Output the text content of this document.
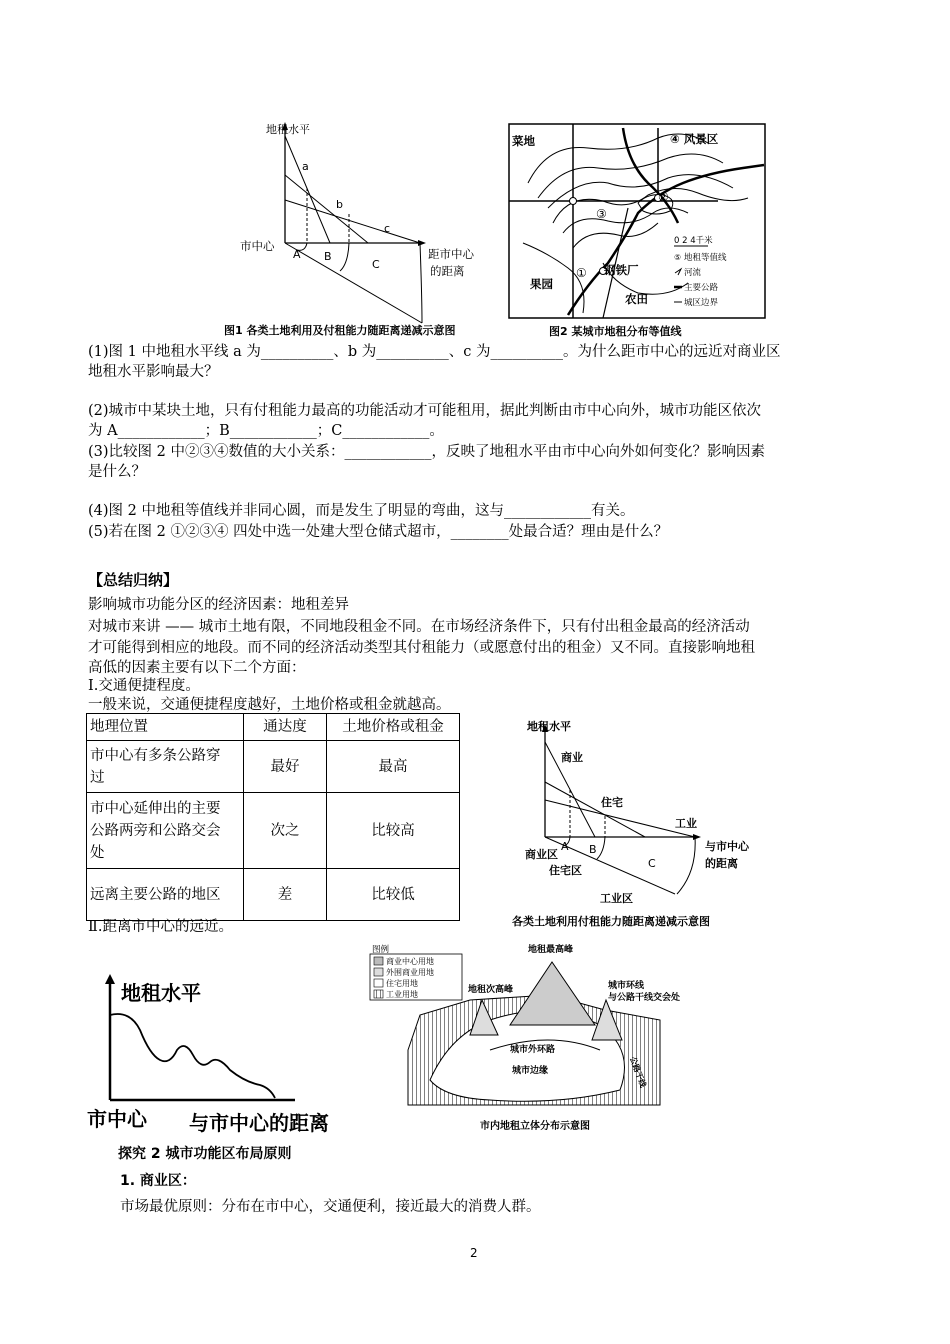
地租水平
市中心
a
b
c
A B
C
距市中心
的距离
图1 各类土地利用及付租能力随距离递减示意图
菜地	④ 风景区
②
③
① 钢铁厂
果园
农田
0 2 4千米
⑤ 地租等值线
河流
主要公路
城区边界
图2 某城市地租分布等值线
(1)图 1 中地租水平线 a 为__________、b 为__________、c 为__________。为什么距市中心的远近对商业区
地租水平影响最大？
(2)城市中某块土地，只有付租能力最高的功能活动才可能租用，据此判断由市中心向外，城市功能区依次
为 A____________；B____________；C____________。
(3)比较图 2 中②③④数值的大小关系：____________，反映了地租水平由市中心向外如何变化？影响因素
是什么？
(4)图 2 中地租等值线并非同心圆，而是发生了明显的弯曲，这与____________有关。
(5)若在图 2 ①②③④ 四处中选一处建大型仓储式超市，________处最合适？理由是什么？
【总结归纳】
影响城市功能分区的经济因素：地租差异
对城市来讲 —— 城市土地有限，不同地段租金不同。在市场经济条件下，只有付出租金最高的经济活动
才可能得到相应的地段。而不同的经济活动类型其付租能力（或愿意付出的租金）又不同。直接影响地租
高低的因素主要有以下二个方面：
Ⅰ.交通便捷程度。
一般来说，交通便捷程度越好，土地价格或租金就越高。
地理位置	通达度	土地价格或租金

市中心有多条公路穿
过	最好	最高

市中心延伸出的主要
公路两旁和公路交会
处	次之	比较高
远离主要公路的地区	差	比较低
地租水平
商业
住宅
工业
与市中心
的距离
A B
C
商业区
住宅区
工业区
各类土地利用付租能力随距离递减示意图
Ⅱ.距离市中心的远近。
地租水平
市中心 与市中心的距离
图例
商业中心用地
外围商业用地
住宅用地
工业用地
地租最高峰
地租次高峰	城市环线
与公路干线交会处
城市外环路
城市边缘	公路干线
市内地租立体分布示意图
探究 2 城市功能区布局原则
1. 商业区：
市场最优原则：分布在市中心，交通便利，接近最大的消费人群。
2
